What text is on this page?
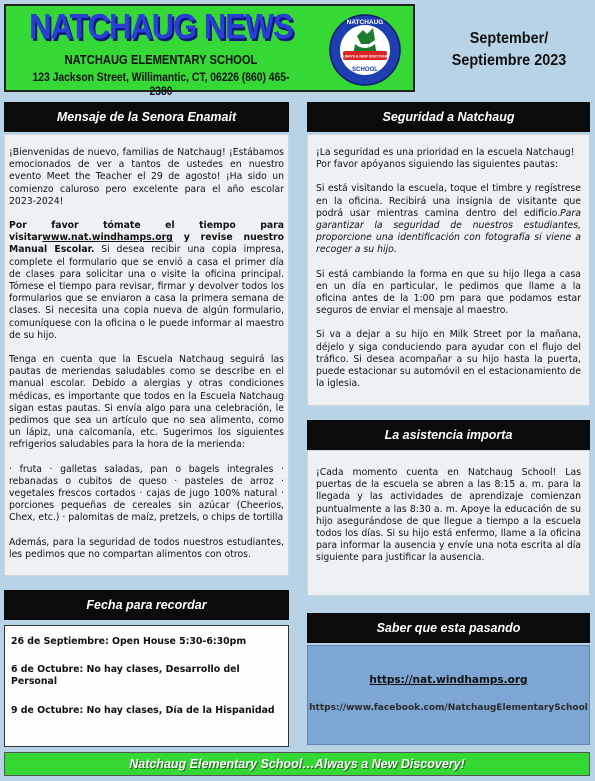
NATCHAUG NEWS
NATCHAUG ELEMENTARY SCHOOL
123 Jackson Street, Willimantic, CT, 06226 (860) 465-2380
NATCHAUG
ALWAYS A NEW DISCOVERY
SCHOOL
September/
Septiembre 2023
Mensaje de la Senora Enamait

¡Bienvenidas de nuevo, familias de Natchaug! ¡Estábamos emocionados de ver a tantos de ustedes en nuestro evento Meet the Teacher el 29 de agosto! ¡Ha sido un comienzo caluroso pero excelente para el año escolar 2023-2024!

Por favor tómate el tiempo para visitarwww.nat.windhamps.org y revise nuestro Manual Escolar. Si desea recibir una copia impresa, complete el formulario que se envió a casa el primer día de clases para solicitar una o visite la oficina principal. Tómese el tiempo para revisar, firmar y devolver todos los formularios que se enviaron a casa la primera semana de clases. Si necesita una copia nueva de algún formulario, comuníquese con la oficina o le puede informar al maestro de su hijo.

Tenga en cuenta que la Escuela Natchaug seguirá las pautas de meriendas saludables como se describe en el manual escolar. Debido a alergias y otras condiciones médicas, es importante que todos en la Escuela Natchaug sigan estas pautas. Si envía algo para una celebración, le pedimos que sea un artículo que no sea alimento, como un lápiz, una calcomanía, etc. Sugerimos los siguientes refrigerios saludables para la hora de la merienda:

· fruta · galletas saladas, pan o bagels integrales · rebanadas o cubitos de queso · pasteles de arroz · vegetales frescos cortados · cajas de jugo 100% natural · porciones pequeñas de cereales sin azúcar (Cheerios, Chex, etc.) · palomitas de maíz, pretzels, o chips de tortilla

Además, para la seguridad de todos nuestros estudiantes, les pedimos que no compartan alimentos con otros.

Seguridad a Natchaug

¡La seguridad es una prioridad en la escuela Natchaug! Por favor apóyanos siguiendo las siguientes pautas:

Si está visitando la escuela, toque el timbre y regístrese en la oficina. Recibirá una insignia de visitante que podrá usar mientras camina dentro del edificio.Para garantizar la seguridad de nuestros estudiantes, proporcione una identificación con fotografía si viene a recoger a su hijo.

Si está cambiando la forma en que su hijo llega a casa en un día en particular, le pedimos que llame a la oficina antes de la 1:00 pm para que podamos estar seguros de enviar el mensaje al maestro.

Si va a dejar a su hijo en Milk Street por la mañana, déjelo y siga conduciendo para ayudar con el flujo del tráfico. Si desea acompañar a su hijo hasta la puerta, puede estacionar su automóvil en el estacionamiento de la iglesia.

La asistencia importa

¡Cada momento cuenta en Natchaug School! Las puertas de la escuela se abren a las 8:15 a. m. para la llegada y las actividades de aprendizaje comienzan puntualmente a las 8:30 a. m. Apoye la educación de su hijo asegurándose de que llegue a tiempo a la escuela todos los días. Si su hijo está enfermo, llame a la oficina para informar la ausencia y envíe una nota escrita al día siguiente para justificar la ausencia.

Fecha para recordar
26 de Septiembre: Open House 5:30-6:30pm
6 de Octubre: No hay clases, Desarrollo del Personal
9 de Octubre: No hay clases, Día de la Hispanidad
Saber que esta pasando
https://nat.windhamps.org
https://www.facebook.com/NatchaugElementarySchool
Natchaug Elementary School…Always a New Discovery!
